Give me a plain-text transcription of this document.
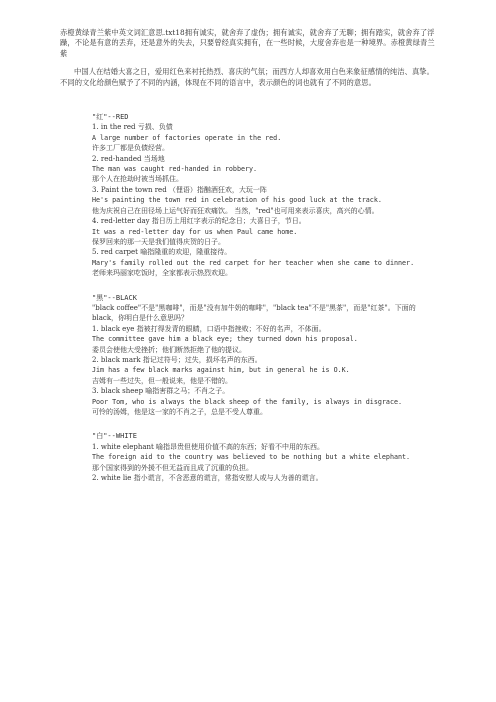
赤橙黄绿青兰紫中英文词汇意思.txt18拥有诚实，就舍弃了虚伪；拥有诚实，就舍弃了无聊；拥有踏实，就舍弃了浮躁，不论是有意的丢弃，还是意外的失去，只要曾经真实拥有，在一些时候，大度舍弃也是一种境界。赤橙黄绿青兰紫

中国人在结婚大喜之日，爱用红色来衬托热烈、喜庆的气氛；而西方人却喜欢用白色来象征感情的纯洁、真挚。不同的文化给颜色赋予了不同的内涵，体现在不同的语言中，表示颜色的词也就有了不同的意思。

"红"--RED

1. in the red 亏损、负债

A large number of factories operate in the red.

许多工厂都是负债经营。

2. red-handed 当场地

The man was caught red-handed in robbery.

那个人在抢劫时被当场抓住。

3. Paint the town red （俚语）指酗酒狂欢，大玩一阵

He's painting the town red in celebration of his good luck at the track.

他为庆祝自己在田径场上运气好而狂欢痛饮。 当然，"red"也可用来表示喜庆，高兴的心情。

4. red-letter day 指日历上用红字表示的纪念日；大喜日子，节日。

It was a red-letter day for us when Paul came home.

保罗回来的那一天是我们值得庆贺的日子。

5. red carpet 喻指隆重的欢迎，隆重接待。

Mary's family rolled out the red carpet for her teacher when she came to dinner.

老师来玛丽家吃饭时，全家都表示热烈欢迎。

"黑"--BLACK

"black coffee"不是"黑咖啡"，而是"没有加牛奶的咖啡"，"black tea"不是"黑茶"，而是"红茶"。下面的black，你明白是什么意思吗？

1. black eye 指被打得发青的眼睛，口语中指挫败；不好的名声，不体面。

The committee gave him a black eye; they turned down his proposal.

委员会使他大受挫折；他们断然拒绝了他的提议。

2. black mark 指记过符号；过失，损坏名声的东西。

Jim has a few black marks against him, but in general he is O.K.

吉姆有一些过失，但一般说来，他是不错的。

3. black sheep 喻指害群之马；不肖之子。

Poor Tom, who is always the black sheep of the family, is always in disgrace.

可怜的汤姆，他是这一家的不肖之子，总是不受人尊重。

"白"--WHITE

1. white elephant 喻指昂贵但使用价值不高的东西；好看不中用的东西。

The foreign aid to the country was believed to be nothing but a white elephant.

那个国家得到的外援不但无益而且成了沉重的负担。

2. white lie 指小谎言，不含恶意的谎言，常指安慰人或与人为善的谎言。
